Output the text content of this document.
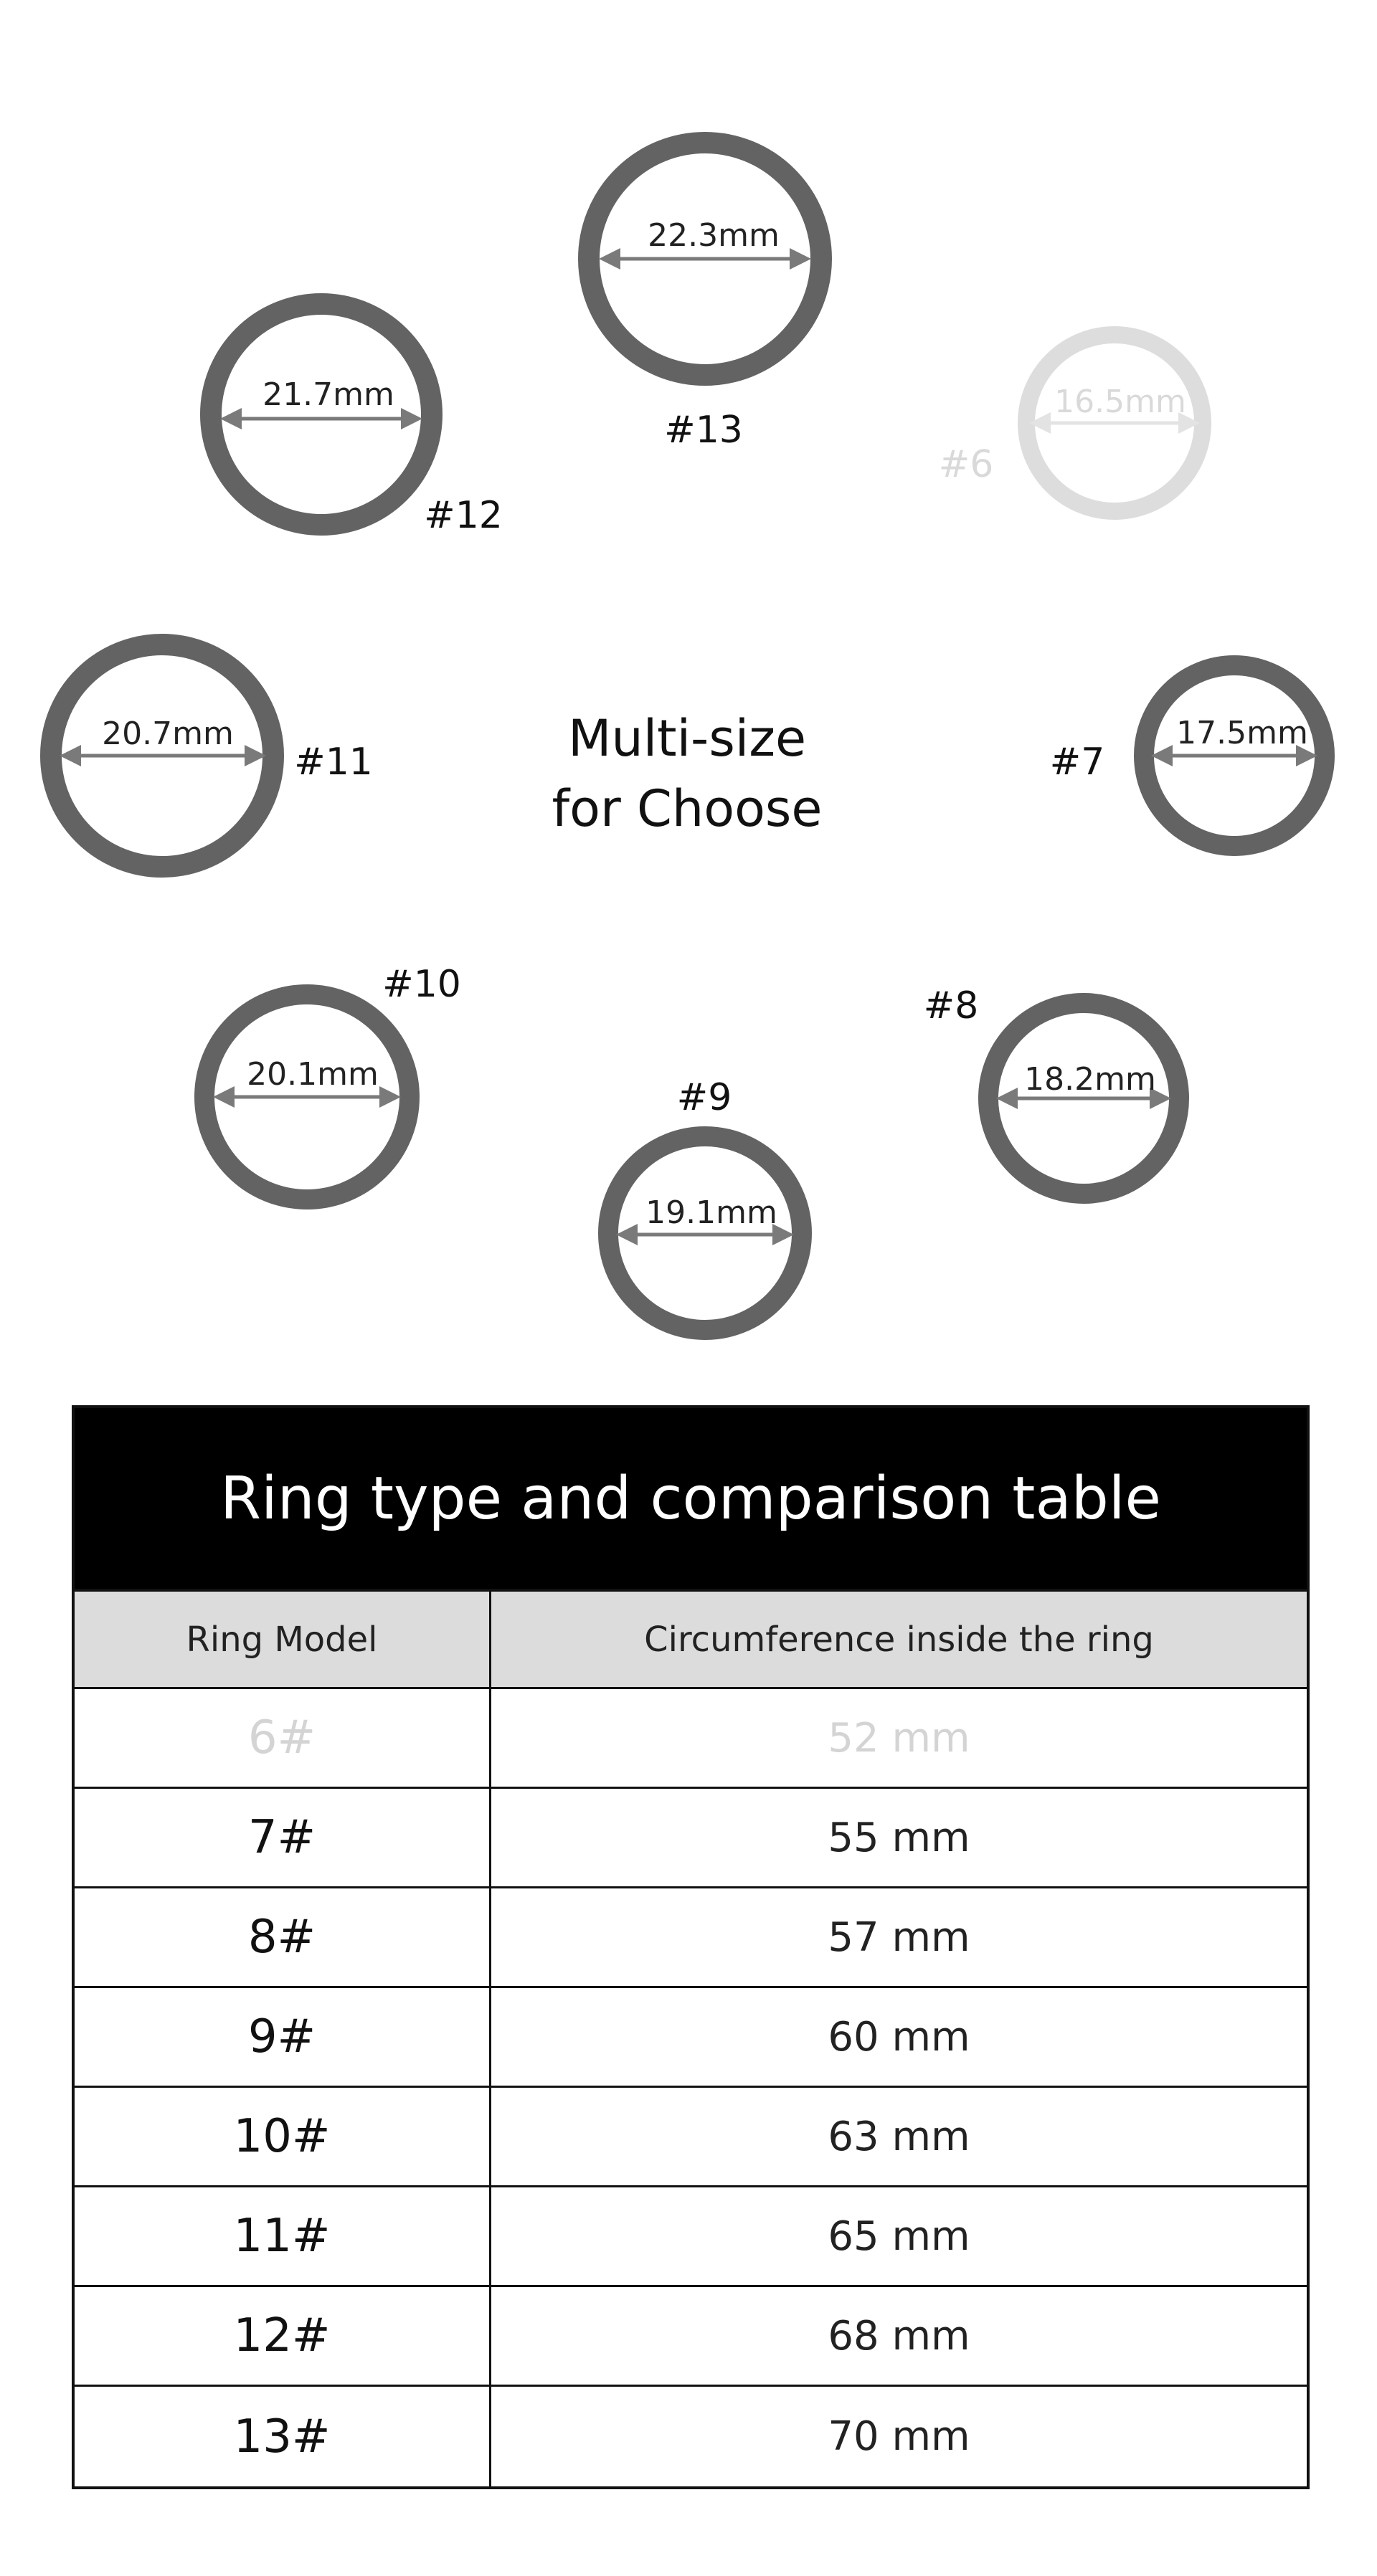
22.3mm
#13
21.7mm
#12
16.5mm
#6
20.7mm
#11
17.5mm
#7
20.1mm
#10
18.2mm
#8
19.1mm
#9
Multi-size
for Choose
Ring type and comparison table
Ring Model	Circumference inside the ring
6#	52 mm
7#	55 mm
8#	57 mm
9#	60 mm
10#	63 mm
11#	65 mm
12#	68 mm
13#	70 mm
